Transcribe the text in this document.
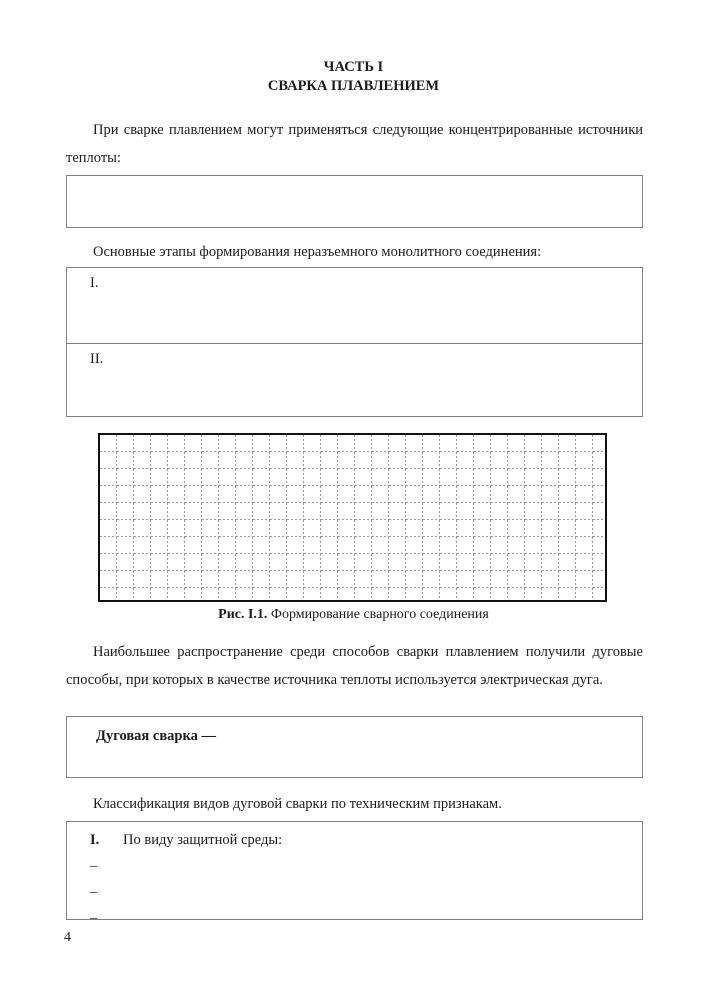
ЧАСТЬ I
СВАРКА ПЛАВЛЕНИЕМ
При сварке плавлением могут применяться следующие концентрированные источники теплоты:
Основные этапы формирования неразъемного монолитного соединения:
I.
II.
Рис. I.1. Формирование сварного соединения
Наибольшее распространение среди способов сварки плавлением получили дуговые способы, при которых в качестве источника теплоты используется электрическая дуга.
Дуговая сварка —
Классификация видов дуговой сварки по техническим признакам.
I. По виду защитной среды:
–
–
–
4
